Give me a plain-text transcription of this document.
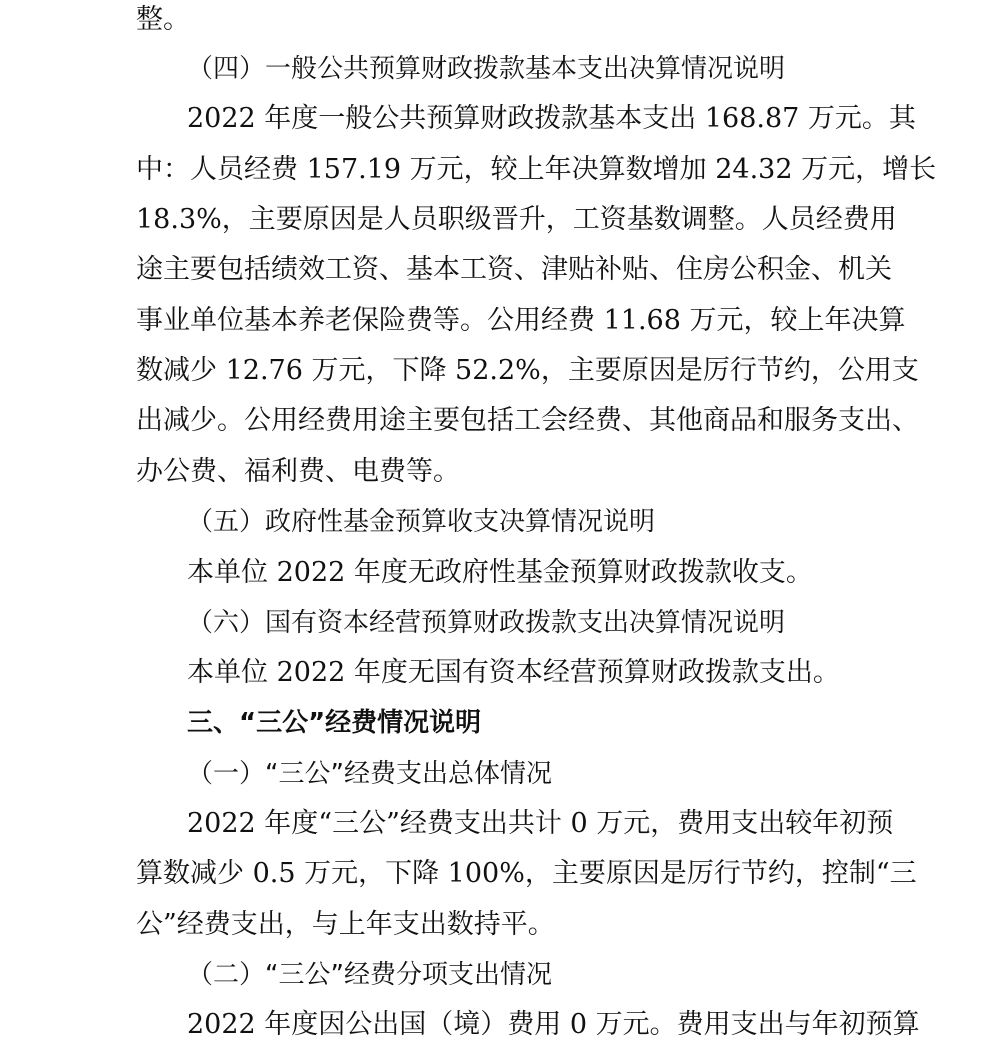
整。
（四）一般公共预算财政拨款基本支出决算情况说明
2022 年度一般公共预算财政拨款基本支出 168.87 万元。其
中：人员经费 157.19 万元，较上年决算数增加 24.32 万元，增长
18.3%，主要原因是人员职级晋升，工资基数调整。人员经费用
途主要包括绩效工资、基本工资、津贴补贴、住房公积金、机关
事业单位基本养老保险费等。公用经费 11.68 万元，较上年决算
数减少 12.76 万元，下降 52.2%，主要原因是厉行节约，公用支
出减少。公用经费用途主要包括工会经费、其他商品和服务支出、
办公费、福利费、电费等。
（五）政府性基金预算收支决算情况说明
本单位 2022 年度无政府性基金预算财政拨款收支。
（六）国有资本经营预算财政拨款支出决算情况说明
本单位 2022 年度无国有资本经营预算财政拨款支出。
三、“三公”经费情况说明
（一）“三公”经费支出总体情况
2022 年度“三公”经费支出共计 0 万元，费用支出较年初预
算数减少 0.5 万元，下降 100%，主要原因是厉行节约，控制“三
公”经费支出，与上年支出数持平。
（二）“三公”经费分项支出情况
2022 年度因公出国（境）费用 0 万元。费用支出与年初预算
